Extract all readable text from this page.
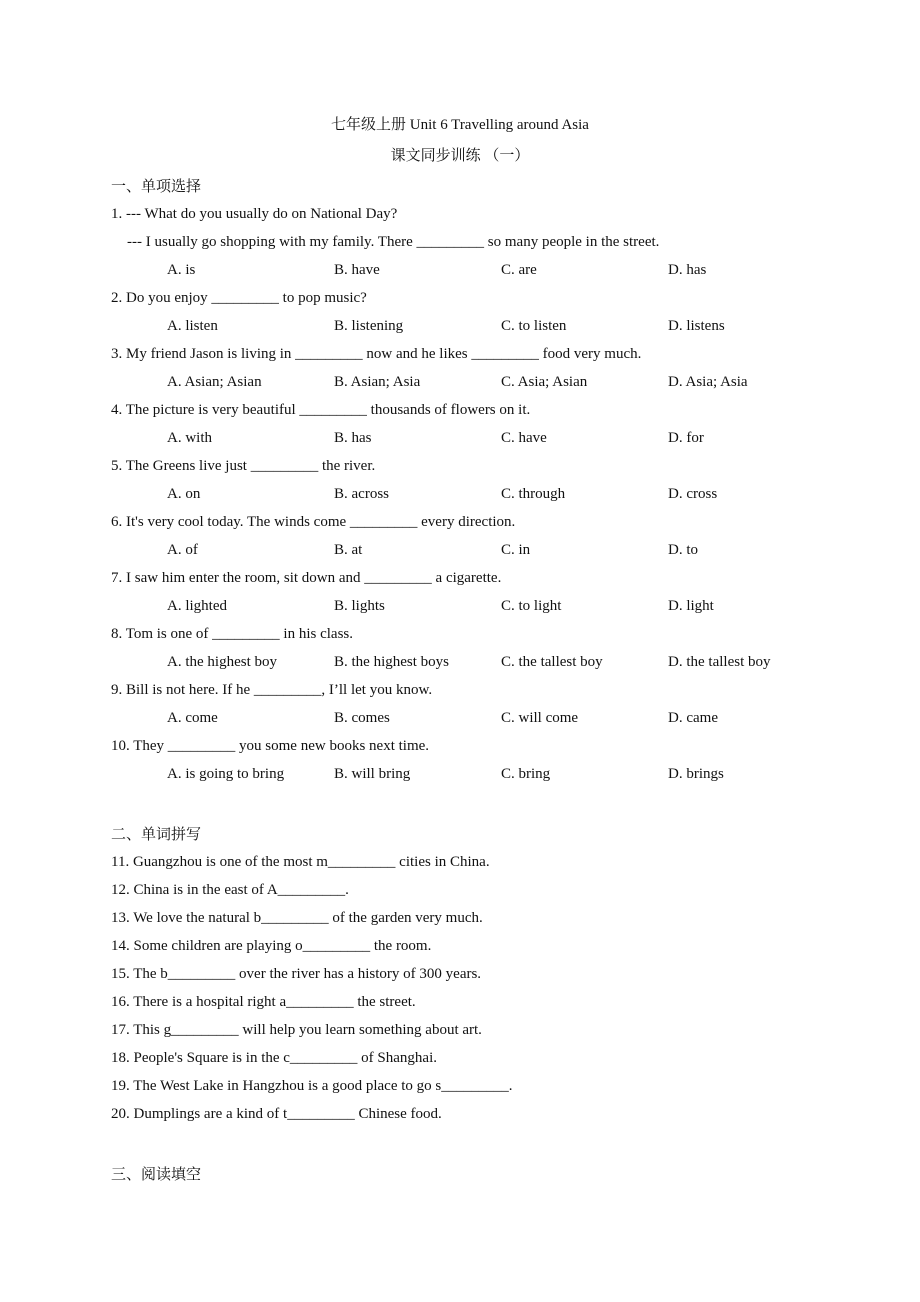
七年级上册 Unit 6 Travelling around Asia
课文同步训练 （一）
一、单项选择
1. --- What do you usually do on National Day?
--- I usually go shopping with my family. There _________ so many people in the street.
A. is	B. have	C. are	D. has
2. Do you enjoy _________ to pop music?
A. listen	B. listening	C. to listen	D. listens
3. My friend Jason is living in _________ now and he likes _________ food very much.
A. Asian; Asian	B. Asian; Asia	C. Asia; Asian	D. Asia; Asia
4. The picture is very beautiful _________ thousands of flowers on it.
A. with	B. has	C. have	D. for
5. The Greens live just _________ the river.
A. on	B. across	C. through	D. cross
6. It's very cool today. The winds come _________ every direction.
A. of	B. at	C. in	D. to
7. I saw him enter the room, sit down and _________ a cigarette.
A. lighted	B. lights	C. to light	D. light
8. Tom is one of _________ in his class.
A. the highest boy	B. the highest boys	C. the tallest boy	D. the tallest boy
9. Bill is not here. If he _________, I’ll let you know.
A. come	B. comes	C. will come	D. came
10. They _________ you some new books next time.
A. is going to bring	B. will bring	C. bring	D. brings
二、单词拼写
11. Guangzhou is one of the most m_________ cities in China.
12. China is in the east of A_________.
13. We love the natural b_________ of the garden very much.
14. Some children are playing o_________ the room.
15. The b_________ over the river has a history of 300 years.
16. There is a hospital right a_________ the street.
17. This g_________ will help you learn something about art.
18. People's Square is in the c_________ of Shanghai.
19. The West Lake in Hangzhou is a good place to go s_________.
20. Dumplings are a kind of t_________ Chinese food.
三、阅读填空
